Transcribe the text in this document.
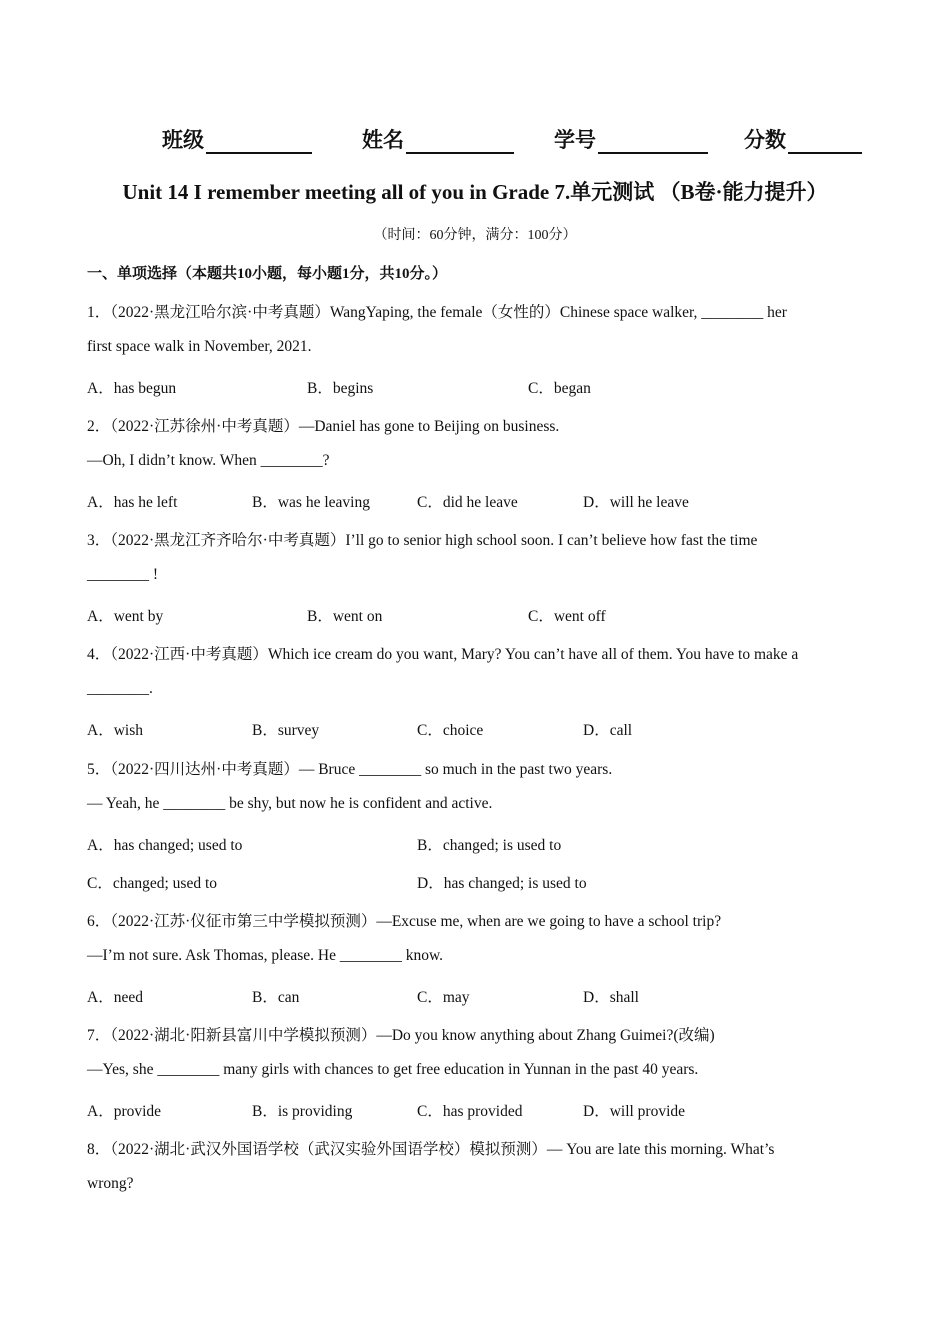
班级	姓名	学号	分数
Unit 14 I remember meeting all of you in Grade 7.单元测试 （B卷·能力提升）
（时间：60分钟，满分：100分）
一、单项选择（本题共10小题，每小题1分，共10分。）
1．（2022·黑龙江哈尔滨·中考真题）WangYaping, the female（女性的）Chinese space walker, ________ her
first space walk in November, 2021.
A．has begun	B．begins	C．began
2．（2022·江苏徐州·中考真题）—Daniel has gone to Beijing on business.
—Oh, I didn’t know. When ________?
A．has he left	B．was he leaving	C．did he leave	D．will he leave
3．（2022·黑龙江齐齐哈尔·中考真题）I’ll go to senior high school soon. I can’t believe how fast the time
________ !
A．went by	B．went on	C．went off
4．（2022·江西·中考真题）Which ice cream do you want, Mary? You can’t have all of them. You have to make a
________.
A．wish	B．survey	C．choice	D．call
5．（2022·四川达州·中考真题）— Bruce ________ so much in the past two years.
— Yeah, he ________ be shy, but now he is confident and active.
A．has changed; used to	B．changed; is used to
C．changed; used to	D．has changed; is used to
6．（2022·江苏·仪征市第三中学模拟预测）—Excuse me, when are we going to have a school trip?
—I’m not sure. Ask Thomas, please. He ________ know.
A．need	B．can	C．may	D．shall
7．（2022·湖北·阳新县富川中学模拟预测）—Do you know anything about Zhang Guimei?(改编)
—Yes, she ________ many girls with chances to get free education in Yunnan in the past 40 years.
A．provide	B．is providing	C．has provided	D．will provide
8．（2022·湖北·武汉外国语学校（武汉实验外国语学校）模拟预测）— You are late this morning. What’s
wrong?
